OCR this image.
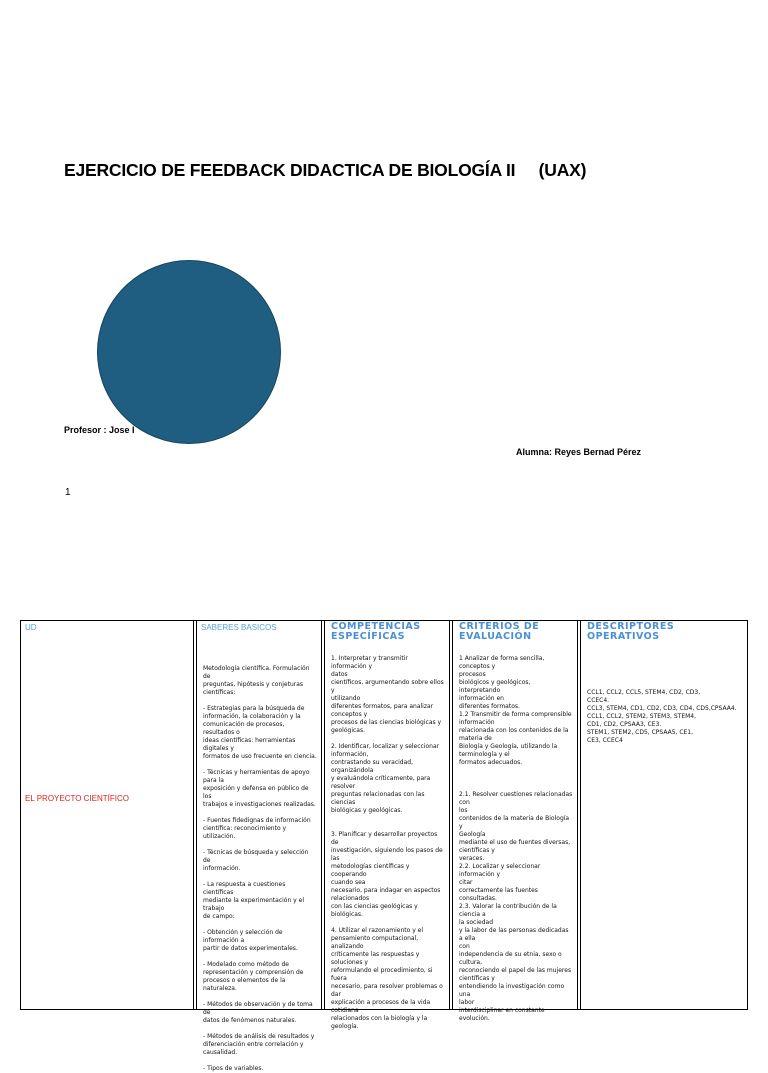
EJERCICIO DE FEEDBACK DIDACTICA DE BIOLOGÍA II     (UAX)
Profesor : Jose I
Alumna: Reyes Bernad Pérez
1
UD
EL PROYECTO CIENTÍFICO
SABERES BASICOS
Metodología científica. Formulación de
preguntas, hipótesis y conjeturas
científicas:

- Estrategias para la búsqueda de
información, la colaboración y la
comunicación de procesos, resultados o
ideas científicas: herramientas digitales y
formatos de uso frecuente en ciencia.

- Técnicas y herramientas de apoyo para la
exposición y defensa en público de los
trabajos e investigaciones realizadas.

- Fuentes fidedignas de información
científica: reconocimiento y utilización.

- Técnicas de búsqueda y selección de
información.

- La respuesta a cuestiones científicas
mediante la experimentación y el trabajo
de campo:

- Obtención y selección de información a
partir de datos experimentales.

- Modelado como método de
representación y comprensión de
procesos o elementos de la
naturaleza.

- Métodos de observación y de toma de
datos de fenómenos naturales.

- Métodos de análisis de resultados y
diferenciación entre correlación y
causalidad.

- Tipos de variables.
COMPETENCIAS
ESPECÍFICAS
1. Interpretar y transmitir información y
datos
científicos, argumentando sobre ellos y
utilizando
diferentes formatos, para analizar
conceptos y
procesos de las ciencias biológicas y
geológicas.

2. Identificar, localizar y seleccionar
información,
contrastando su veracidad, organizándola
y evaluándola críticamente, para resolver
preguntas relacionadas con las ciencias
biológicas y geológicas.

3. Planificar y desarrollar proyectos de
investigación, siguiendo los pasos de las
metodologías científicas y cooperando
cuando sea
necesario, para indagar en aspectos
relacionados
con las ciencias geológicas y biológicas.

4. Utilizar el razonamiento y el
pensamiento computacional, analizando
críticamente las respuestas y soluciones y
reformulando el procedimiento, si fuera
necesario, para resolver problemas o dar
explicación a procesos de la vida cotidiana
relacionados con la biología y la geología.
CRITERIOS DE
EVALUACIÓN
1 Analizar de forma sencilla, conceptos y
procesos
biológicos y geológicos, interpretando
información en
diferentes formatos.
1.2 Transmitir de forma comprensible
información
relacionada con los contenidos de la
materia de
Biología y Geología, utilizando la
terminología y el
formatos adecuados.

2.1. Resolver cuestiones relacionadas con
los
contenidos de la materia de Biología y
Geología
mediante el uso de fuentes diversas,
científicas y
veraces.
2.2. Localizar y seleccionar información y
citar
correctamente las fuentes consultadas.
2.3. Valorar la contribución de la ciencia a
la sociedad
y la labor de las personas dedicadas a ella
con
independencia de su etnia, sexo o cultura,
reconociendo el papel de las mujeres
científicas y
entendiendo la investigación como una
labor
interdisciplinar en constante evolución.
DESCRIPTORES
OPERATIVOS
CCL1, CCL2, CCL5, STEM4, CD2, CD3,
CCEC4.
CCL3, STEM4, CD1, CD2, CD3, CD4, CD5,CPSAA4.
CCL1, CCL2, STEM2, STEM3, STEM4,
CD1, CD2, CPSAA3, CE3.
STEM1, STEM2, CD5, CPSAA5, CE1,
CE3, CCEC4
